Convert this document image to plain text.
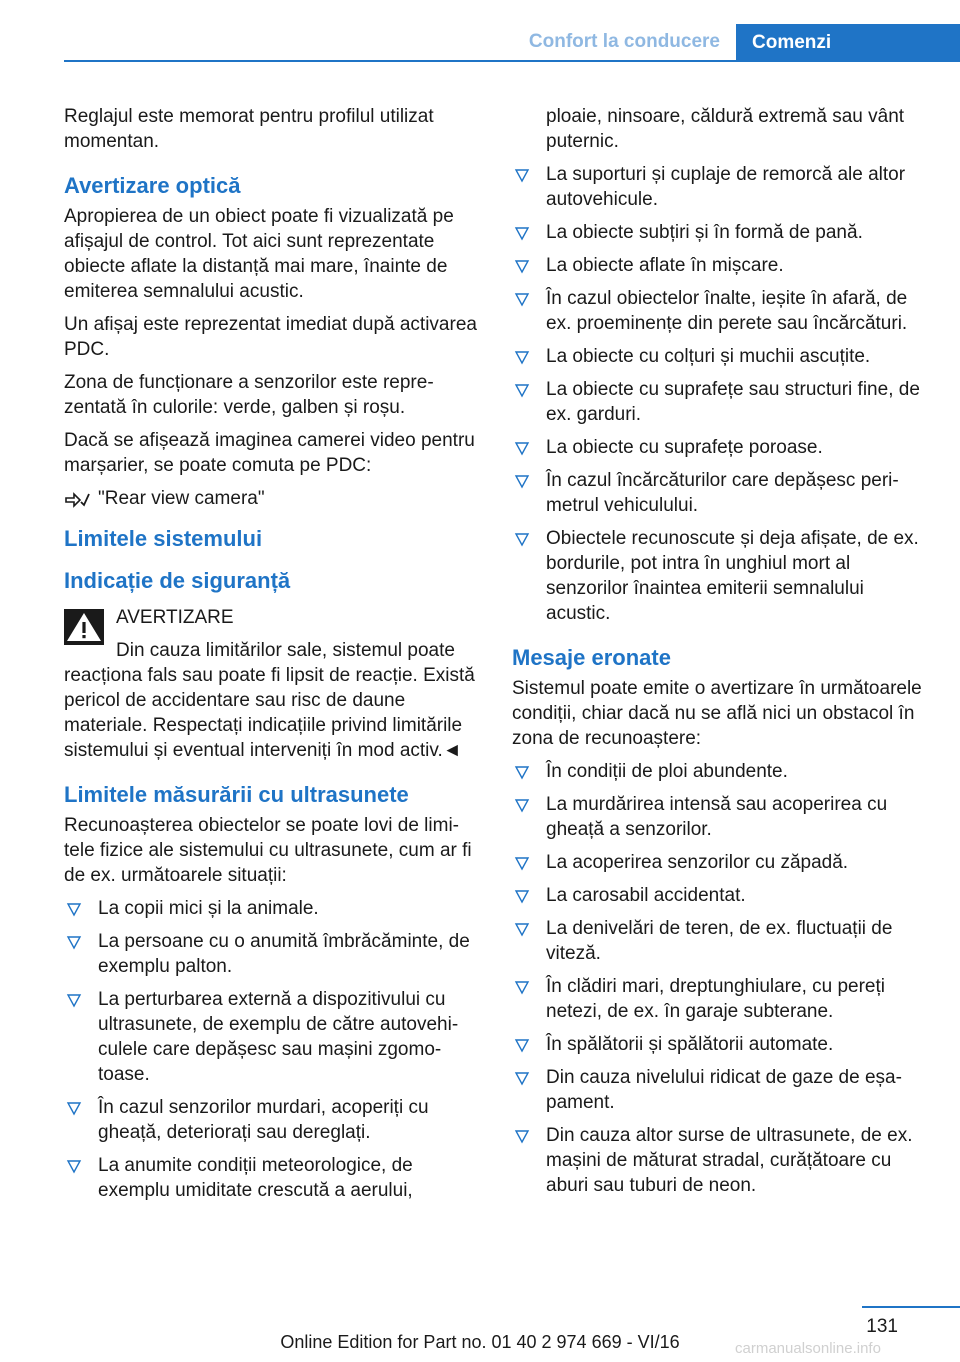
Confort la conducere	Comenzi

Reglajul este memorat pentru profilul utilizat momentan.

Avertizare optică

Apropierea de un obiect poate fi vizualizată pe afișajul de control. Tot aici sunt reprezentate obiecte aflate la distanță mai mare, înainte de emiterea semnalului acustic.

Un afișaj este reprezentat imediat după activarea PDC.

Zona de funcționare a senzorilor este reprezentată în culorile: verde, galben și roșu.

Dacă se afișează imaginea camerei video pentru marșarier, se poate comuta pe PDC:

"Rear view camera"
Limitele sistemului
Indicație de siguranță
AVERTIZARE

Din cauza limitărilor sale, sistemul poate

reacționa fals sau poate fi lipsit de reacție. Există pericol de accidentare sau risc de daune materiale. Respectați indicațiile privind limitările sistemului și eventual interveniți în mod activ.◄

Limitele măsurării cu ultrasunete

Recunoașterea obiectelor se poate lovi de limitele fizice ale sistemului cu ultrasunete, cum ar fi de ex. următoarele situații:

La copii mici și la animale.
La persoane cu o anumită îmbrăcăminte, de exemplu palton.
La perturbarea externă a dispozitivului cu ultrasunete, de exemplu de către autovehiculele care depășesc sau mașini zgomotoase.
În cazul senzorilor murdari, acoperiți cu gheață, deteriorați sau dereglați.
La anumite condiții meteorologice, de exemplu umiditate crescută a aerului,

ploaie, ninsoare, căldură extremă sau vânt puternic.

La suporturi și cuplaje de remorcă ale altor autovehicule.
La obiecte subțiri și în formă de pană.
La obiecte aflate în mișcare.
În cazul obiectelor înalte, ieșite în afară, de ex. proeminențe din perete sau încărcături.
La obiecte cu colțuri și muchii ascuțite.
La obiecte cu suprafețe sau structuri fine, de ex. garduri.
La obiecte cu suprafețe poroase.
În cazul încărcăturilor care depășesc perimetrul vehiculului.
Obiectele recunoscute și deja afișate, de ex. bordurile, pot intra în unghiul mort al senzorilor înaintea emiterii semnalului acustic.
Mesaje eronate

Sistemul poate emite o avertizare în următoarele condiții, chiar dacă nu se află nici un obstacol în zona de recunoaștere:

În condiții de ploi abundente.
La murdărirea intensă sau acoperirea cu gheață a senzorilor.
La acoperirea senzorilor cu zăpadă.
La carosabil accidentat.
La denivelări de teren, de ex. fluctuații de viteză.
În clădiri mari, dreptunghiulare, cu pereți netezi, de ex. în garaje subterane.
În spălătorii și spălătorii automate.
Din cauza nivelului ridicat de gaze de eșapament.
Din cauza altor surse de ultrasunete, de ex. mașini de măturat stradal, curățătoare cu aburi sau tuburi de neon.
131
Online Edition for Part no. 01 40 2 974 669 - VI/16	carmanualsonline.info
